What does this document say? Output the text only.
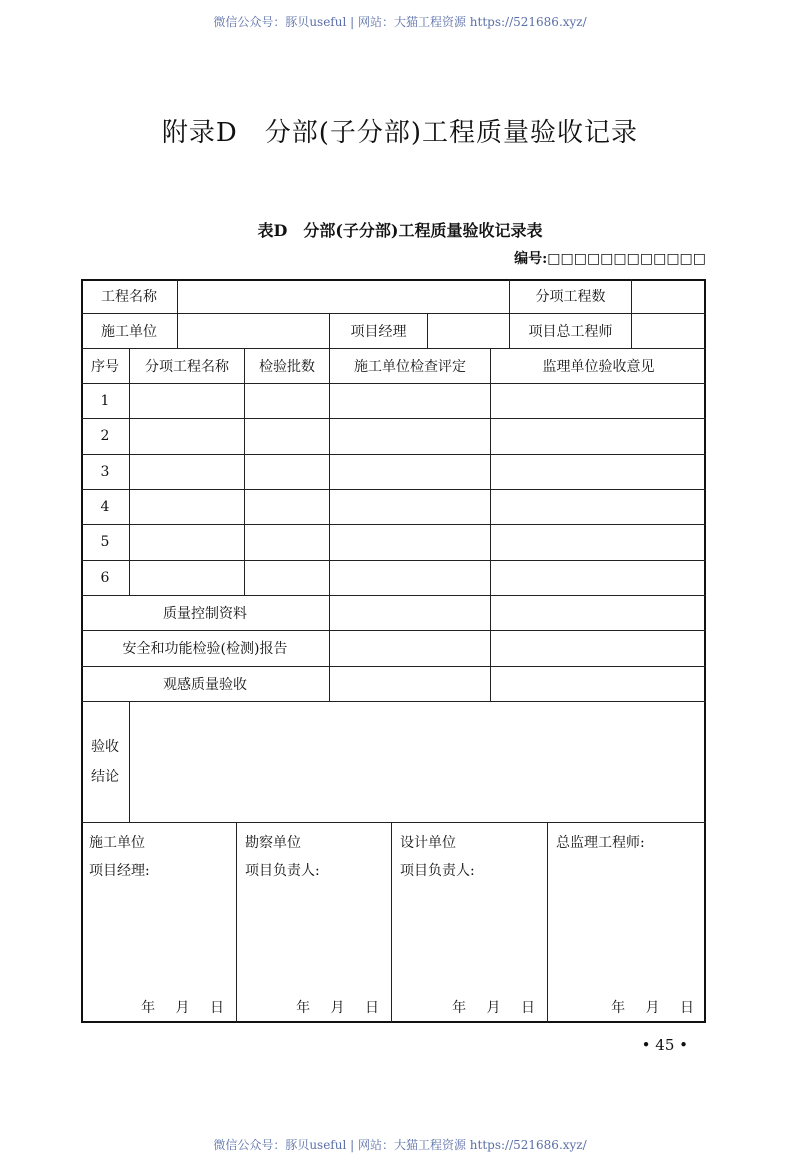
微信公众号：豚贝useful | 网站：大猫工程资源 https://521686.xyz/
附录D　分部(子分部)工程质量验收记录
表D　分部(子分部)工程质量验收记录表
编号:□□□□□□□□□□□□
工程名称	分项工程数
施工单位	项目经理	项目总工程师
序号	分项工程名称	检验批数	施工单位检查评定	监理单位验收意见
1
2
3
4
5
6
质量控制资料
安全和功能检验(检测)报告
观感质量验收
验收
结论
施工单位
项目经理:
年 月 日
勘察单位
项目负责人:
年 月 日
设计单位
项目负责人:
年 月 日
总监理工程师:
年 月 日
• 45 •
微信公众号：豚贝useful | 网站：大猫工程资源 https://521686.xyz/
